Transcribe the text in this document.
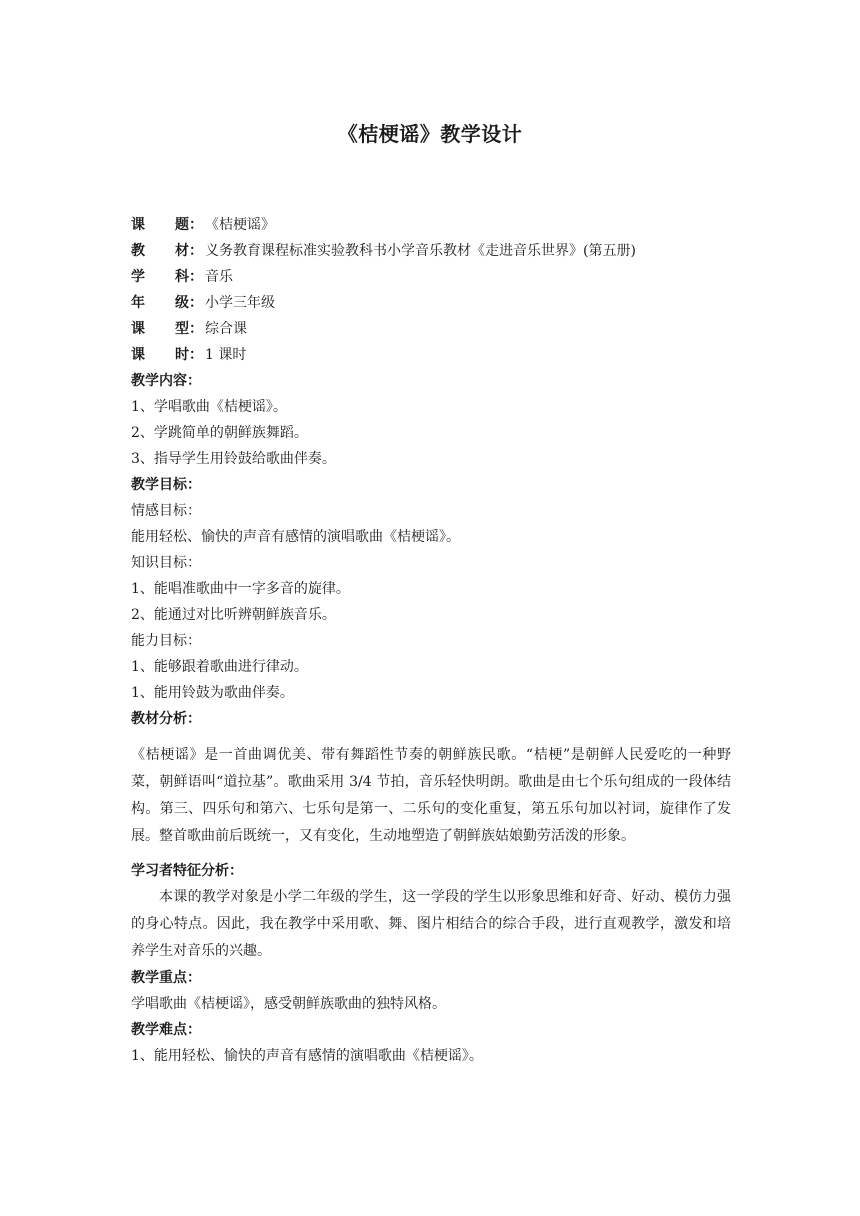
《桔梗谣》教学设计
课 题： 《桔梗谣》
教 材： 义务教育课程标准实验教科书小学音乐教材《走进音乐世界》(第五册)
学 科： 音乐
年 级： 小学三年级
课 型： 综合课
课 时： 1 课时
教学内容：
1、学唱歌曲《桔梗谣》。
2、学跳简单的朝鲜族舞蹈。
3、指导学生用铃鼓给歌曲伴奏。
教学目标：
情感目标：
能用轻松、愉快的声音有感情的演唱歌曲《桔梗谣》。
知识目标：
1、能唱准歌曲中一字多音的旋律。
2、能通过对比听辨朝鲜族音乐。
能力目标：
1、能够跟着歌曲进行律动。
1、能用铃鼓为歌曲伴奏。
教材分析：

《桔梗谣》是一首曲调优美、带有舞蹈性节奏的朝鲜族民歌。“桔梗”是朝鲜人民爱吃的一种野菜，朝鲜语叫“道拉基”。歌曲采用 3/4 节拍，音乐轻快明朗。歌曲是由七个乐句组成的一段体结构。第三、四乐句和第六、七乐句是第一、二乐句的变化重复，第五乐句加以衬词，旋律作了发展。整首歌曲前后既统一，又有变化，生动地塑造了朝鲜族姑娘勤劳活泼的形象。

学习者特征分析：

本课的教学对象是小学二年级的学生，这一学段的学生以形象思维和好奇、好动、模仿力强的身心特点。因此，我在教学中采用歌、舞、图片相结合的综合手段，进行直观教学，激发和培养学生对音乐的兴趣。

教学重点：
学唱歌曲《桔梗谣》，感受朝鲜族歌曲的独特风格。
教学难点：
1、能用轻松、愉快的声音有感情的演唱歌曲《桔梗谣》。
